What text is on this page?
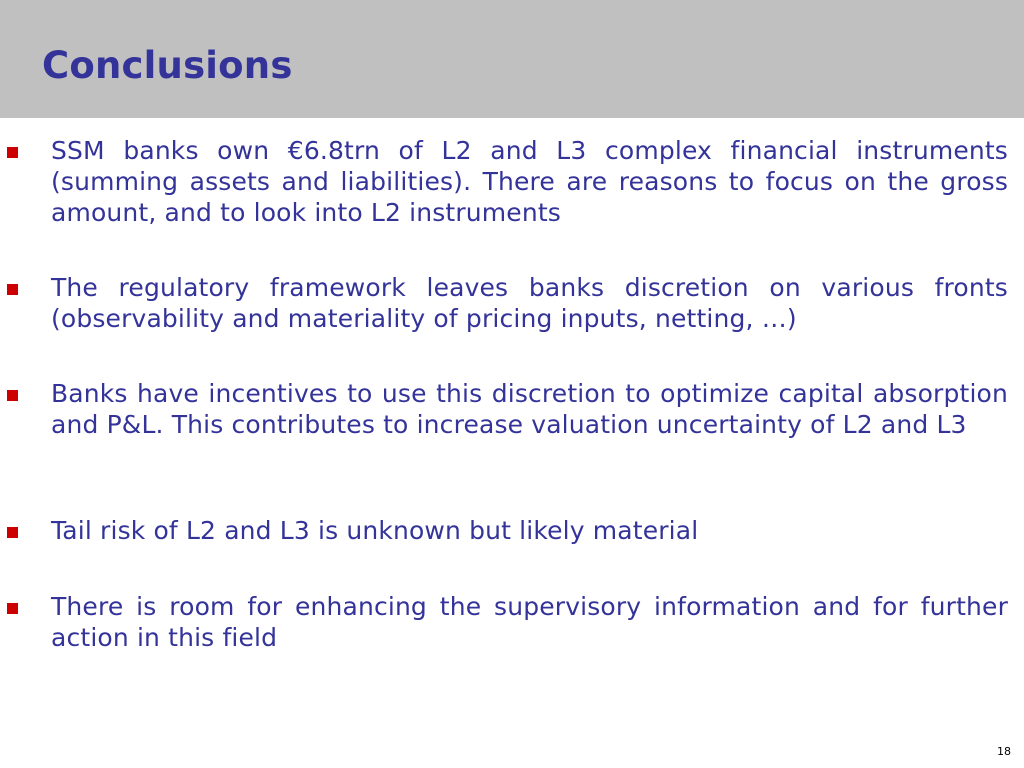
Conclusions

SSM banks own €6.8trn of L2 and L3 complex financial instruments (summing assets and liabilities). There are reasons to focus on the gross amount, and to look into L2 instruments

The regulatory framework leaves banks discretion on various fronts (observability and materiality of pricing inputs, netting, …)

Banks have incentives to use this discretion to optimize capital absorption and P&L. This contributes to increase valuation uncertainty of L2 and L3

Tail risk of L2 and L3 is unknown but likely material

There is room for enhancing the supervisory information and for further action in this field

18
